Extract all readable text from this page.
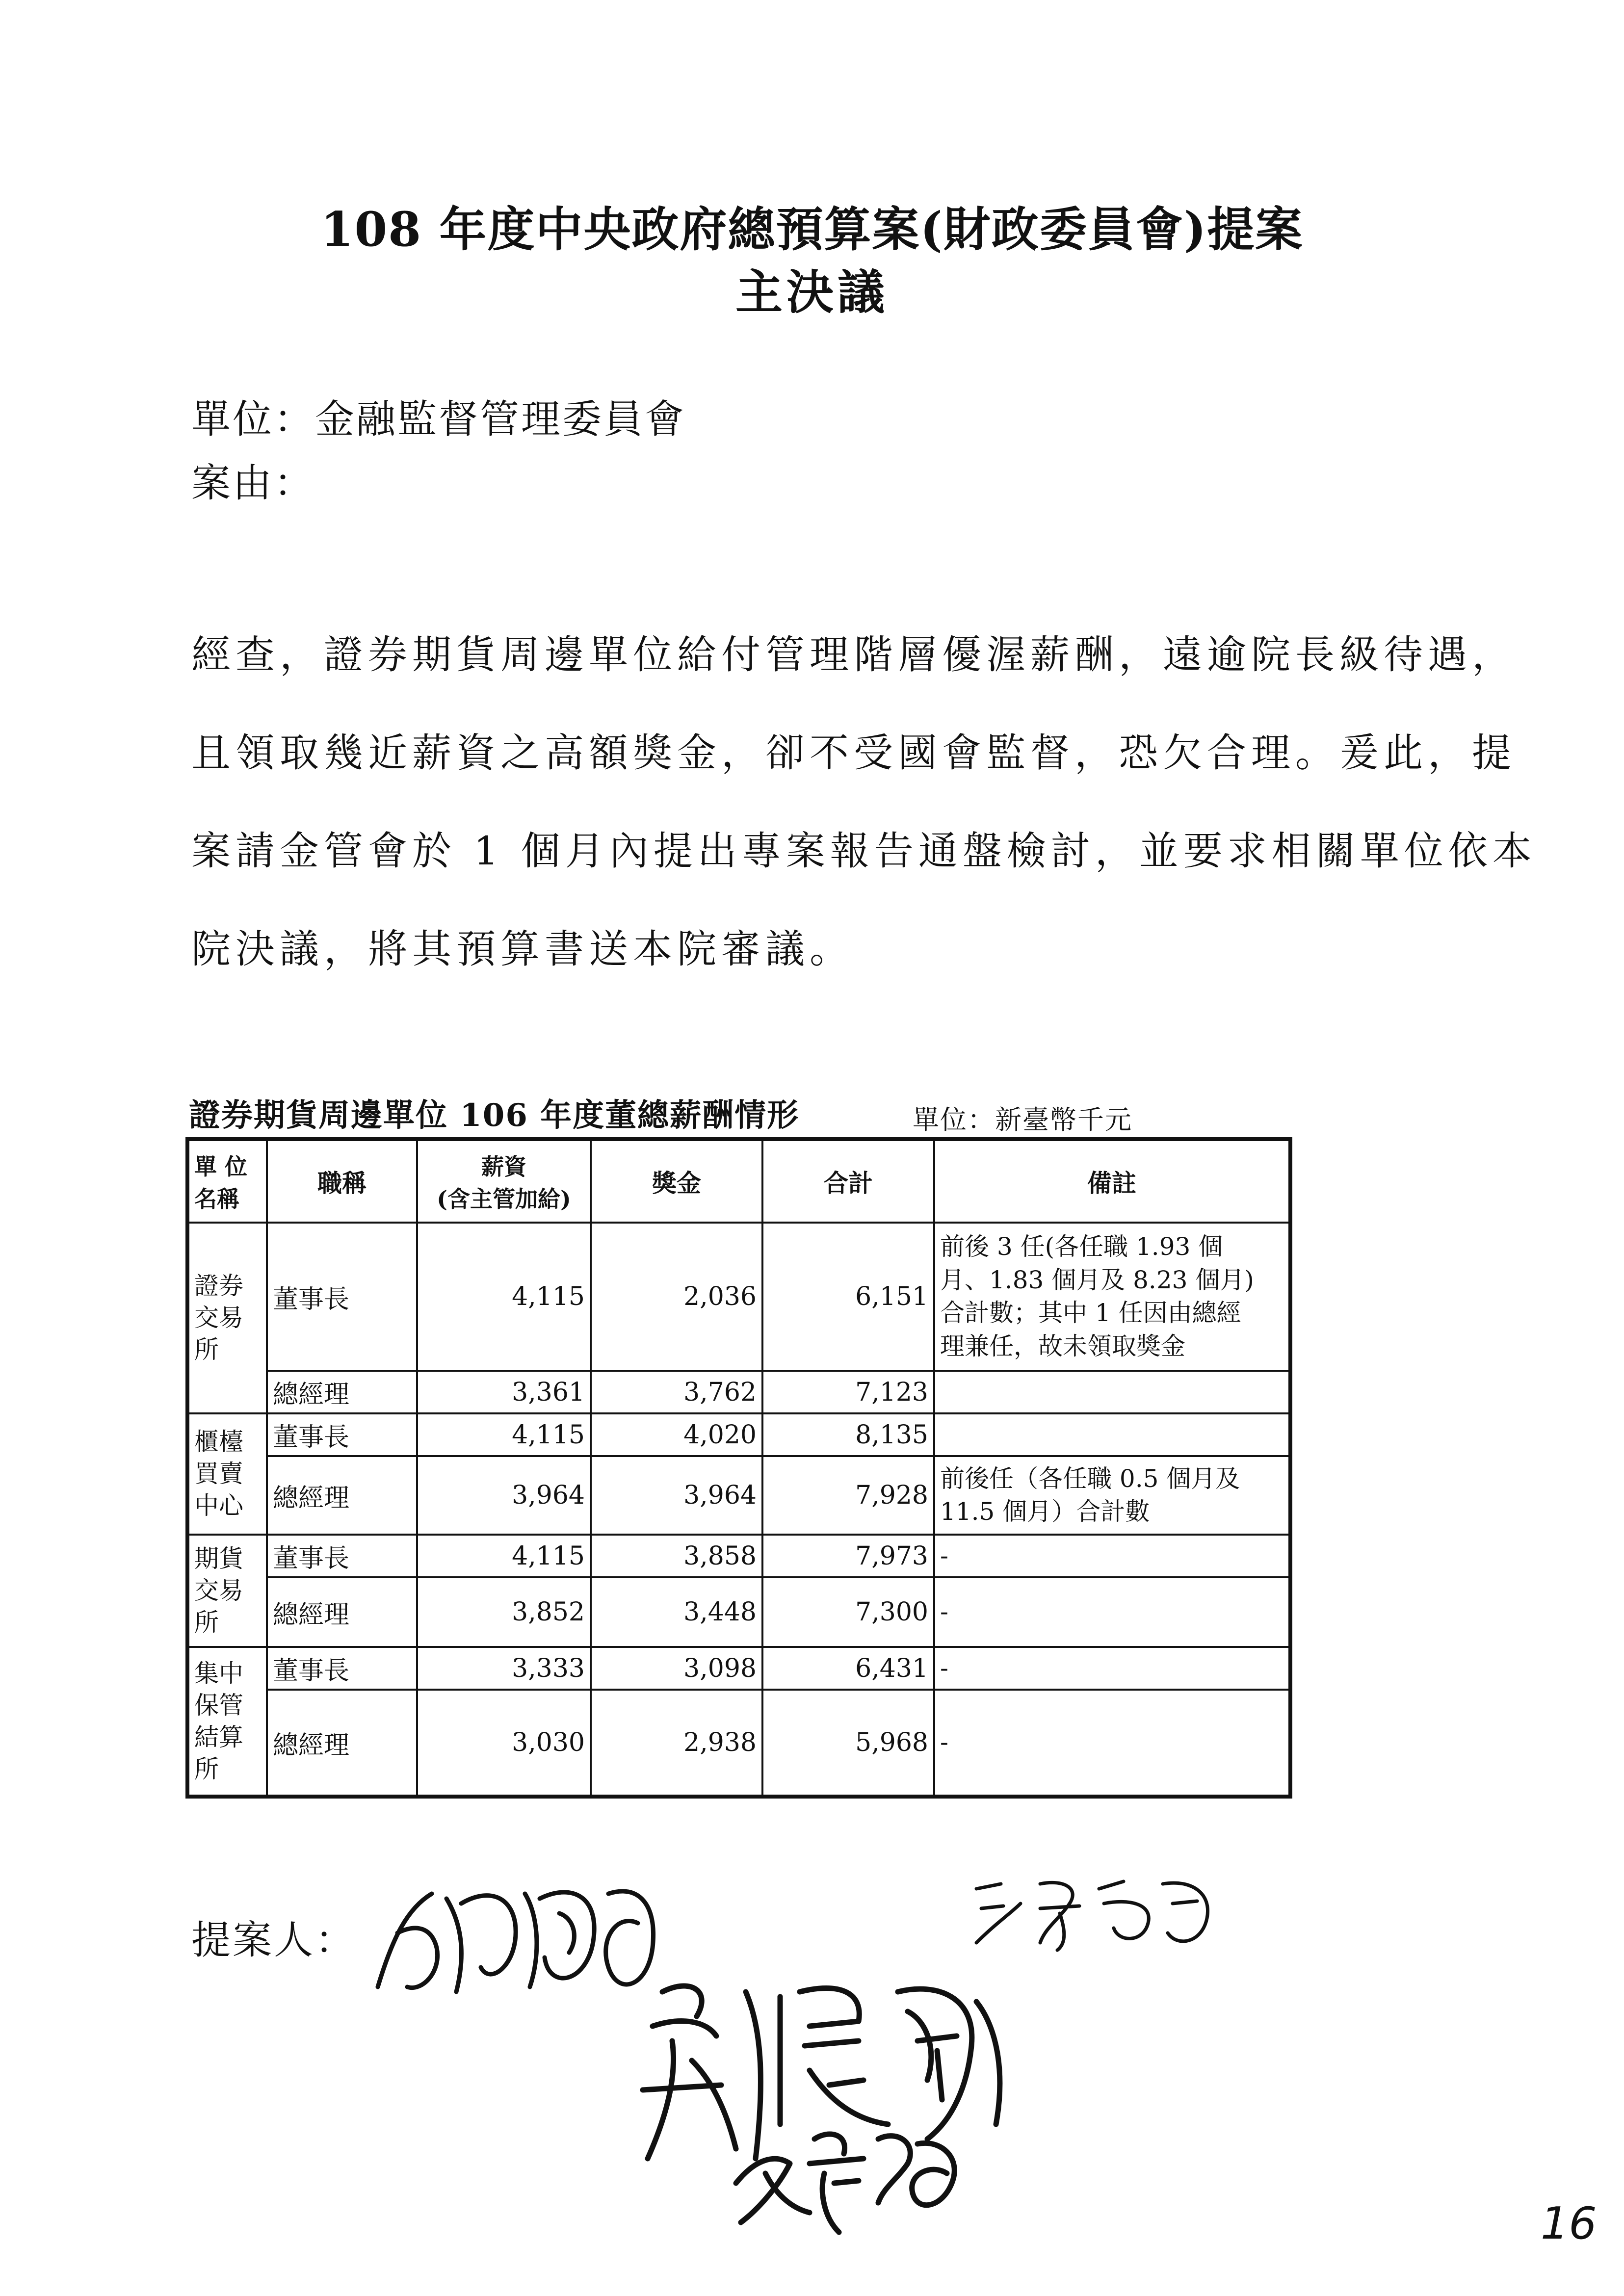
108 年度中央政府總預算案(財政委員會)提案
主決議
單位：金融監督管理委員會
案由：
經查，證券期貨周邊單位給付管理階層優渥薪酬，遠逾院長級待遇，
且領取幾近薪資之高額獎金，卻不受國會監督，恐欠合理。爰此，提
案請金管會於 1 個月內提出專案報告通盤檢討，並要求相關單位依本
院決議，將其預算書送本院審議。
證券期貨周邊單位 106 年度董總薪酬情形	單位：新臺幣千元
單 位
名稱	職稱	薪資
(含主管加給)	獎金	合計	備註
證券
交易
所	董事長	4,115	2,036	6,151	前後 3 任(各任職 1.93 個
月、1.83 個月及 8.23 個月)
合計數；其中 1 任因由總經
理兼任，故未領取獎金
	總經理	3,361	3,762	7,123	
櫃檯
買賣
中心	董事長	4,115	4,020	8,135	
	總經理	3,964	3,964	7,928	前後任（各任職 0.5 個月及
11.5 個月）合計數
期貨
交易
所	董事長	4,115	3,858	7,973	-
	總經理	3,852	3,448	7,300	-
集中
保管
結算
所	董事長	3,333	3,098	6,431	-
	總經理	3,030	2,938	5,968	-
提案人：
16
